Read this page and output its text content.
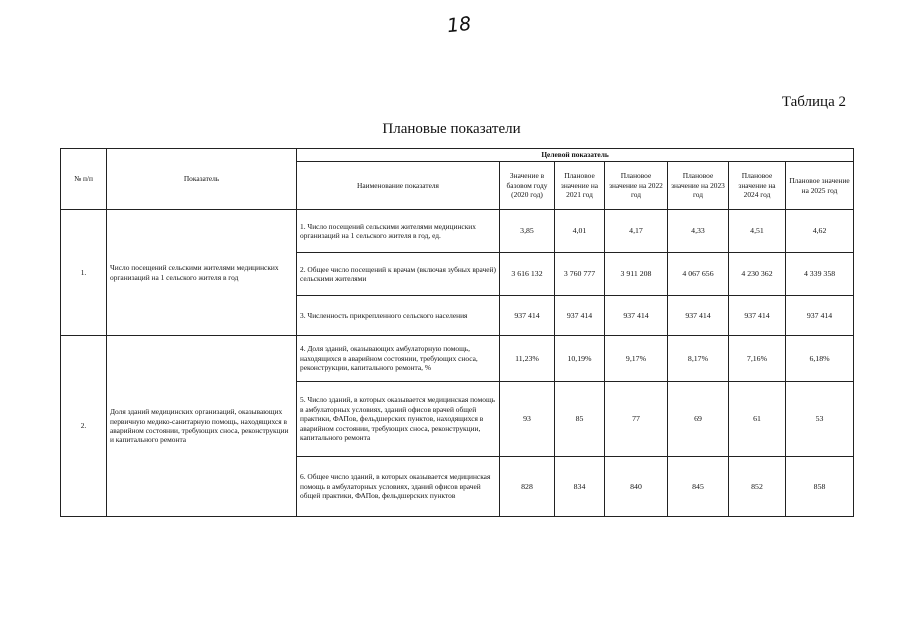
18
Таблица 2
Плановые показатели
№ п/п	Показатель	Целевой показатель						
		Наименование показателя	Значение в базовом году (2020 год)	Плановое значение на 2021 год	Плановое значение на 2022 год	Плановое значение на 2023 год	Плановое значение на 2024 год	Плановое значение на 2025 год
1.	Число посещений сельскими жителями медицинских организаций на 1 сельского жителя в год	1. Число посещений сельскими жителями медицинских организаций на 1 сельского жителя в год, ед.	3,85	4,01	4,17	4,33	4,51	4,62
		2. Общее число посещений к врачам (включая зубных врачей) сельскими жителями	3 616 132	3 760 777	3 911 208	4 067 656	4 230 362	4 339 358
		3. Численность прикрепленного сельского населения	937 414	937 414	937 414	937 414	937 414	937 414
2.	Доля зданий медицинских организаций, оказывающих первичную медико-санитарную помощь, находящихся в аварийном состоянии, требующих сноса, реконструкции и капитального ремонта	4. Доля зданий, оказывающих амбулаторную помощь, находящихся в аварийном состоянии, требующих сноса, реконструкции, капитального ремонта, %	11,23%	10,19%	9,17%	8,17%	7,16%	6,18%
		5. Число зданий, в которых оказывается медицинская помощь в амбулаторных условиях, зданий офисов врачей общей практики, ФАПов, фельдшерских пунктов, находящихся в аварийном состоянии, требующих сноса, реконструкции, капитального ремонта	93	85	77	69	61	53
		6. Общее число зданий, в которых оказывается медицинская помощь в амбулаторных условиях, зданий офисов врачей общей практики, ФАПов, фельдшерских пунктов	828	834	840	845	852	858
